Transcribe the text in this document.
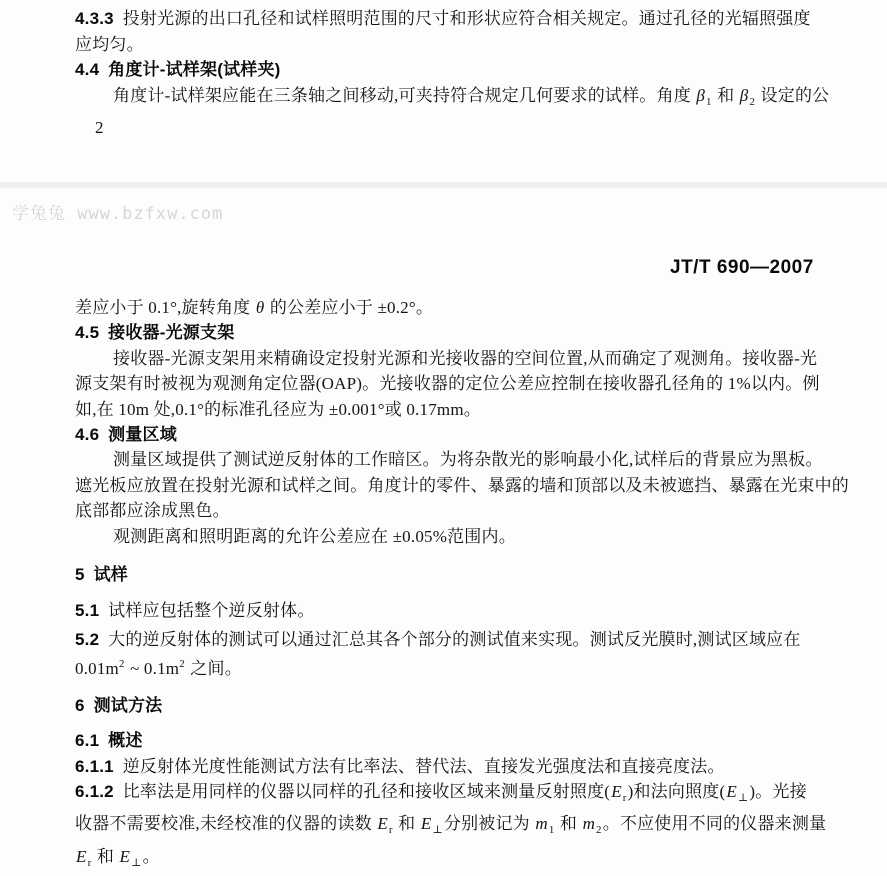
4.3.3  投射光源的出口孔径和试样照明范围的尺寸和形状应符合相关规定。通过孔径的光辐照强度
应均匀。
4.4 角度计-试样架(试样夹)
角度计-试样架应能在三条轴之间移动,可夹持符合规定几何要求的试样。角度 $\beta_1$ 和 $\beta_2$ 设定的公
2
学兔兔 www.bzfxw.com
JT/T 690—2007
差应小于 0.1°,旋转角度 θ 的公差应小于 ±0.2°。
4.5 接收器-光源支架
接收器-光源支架用来精确设定投射光源和光接收器的空间位置,从而确定了观测角。接收器-光
源支架有时被视为观测角定位器(OAP)。光接收器的定位公差应控制在接收器孔径角的 1%以内。例
如,在 10m 处,0.1°的标准孔径应为 ±0.001°或 0.17mm。
4.6 测量区域
测量区域提供了测试逆反射体的工作暗区。为将杂散光的影响最小化,试样后的背景应为黑板。
遮光板应放置在投射光源和试样之间。角度计的零件、暴露的墙和顶部以及未被遮挡、暴露在光束中的
底部都应涂成黑色。
观测距离和照明距离的允许公差应在 ±0.05%范围内。
5 试样
5.1  试样应包括整个逆反射体。
5.2  大的逆反射体的测试可以通过汇总其各个部分的测试值来实现。测试反光膜时,测试区域应在
$0.01m^2$ ~ $0.1m^2$ 之间。
6 测试方法
6.1 概述
6.1.1  逆反射体光度性能测试方法有比率法、替代法、直接发光强度法和直接亮度法。
6.1.2  比率法是用同样的仪器以同样的孔径和接收区域来测量反射照度$(E_r)$和法向照度$(E_\perp)$。光接
收器不需要校准,未经校准的仪器的读数 $E_r$ 和 $E_\perp$分别被记为 $m_1$ 和 $m_2$。不应使用不同的仪器来测量
$E_r$ 和 $E_\perp$。
